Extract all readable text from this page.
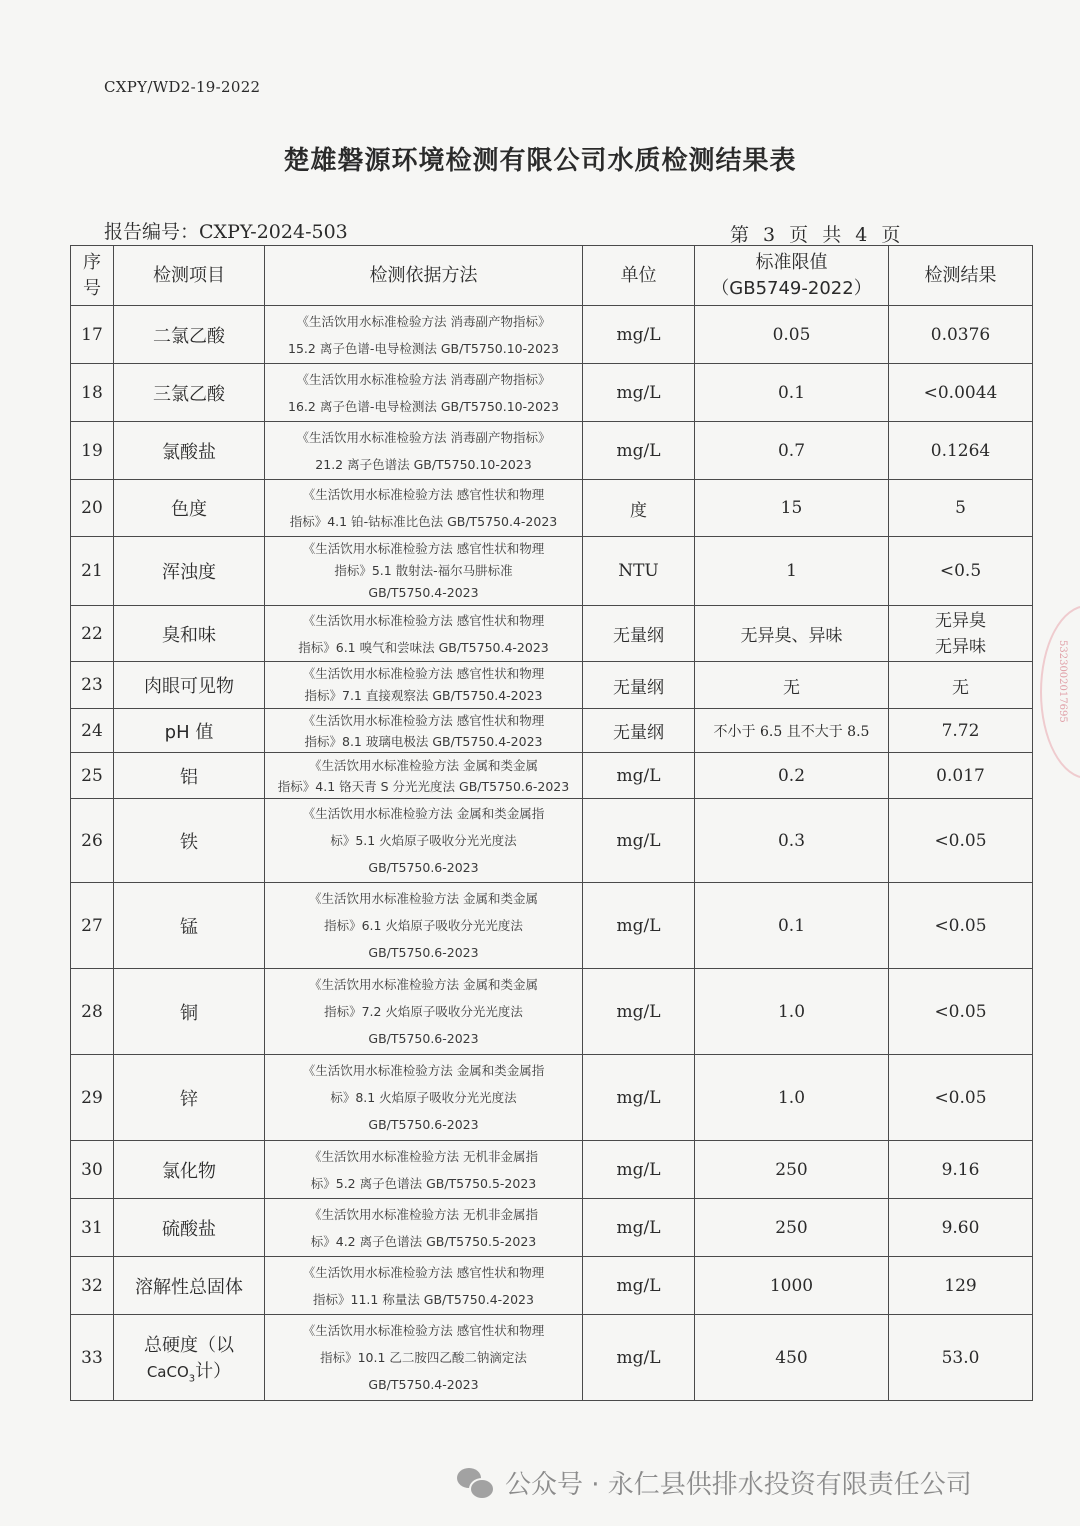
CXPY/WD2-19-2022
楚雄磐源环境检测有限公司水质检测结果表
报告编号：CXPY-2024-503	第 3 页 共 4 页
序
号	检测项目	检测依据方法	单位	标准限值
（GB5749-2022）	检测结果
17	二氯乙酸	《生活饮用水标准检验方法 消毒副产物指标》
15.2 离子色谱-电导检测法 GB/T5750.10-2023	mg/L	0.05	0.0376
18	三氯乙酸	《生活饮用水标准检验方法 消毒副产物指标》
16.2 离子色谱-电导检测法 GB/T5750.10-2023	mg/L	0.1	<0.0044
19	氯酸盐	《生活饮用水标准检验方法 消毒副产物指标》
21.2 离子色谱法 GB/T5750.10-2023	mg/L	0.7	0.1264
20	色度	《生活饮用水标准检验方法 感官性状和物理
指标》4.1 铂-钴标准比色法 GB/T5750.4-2023	度	15	5
21	浑浊度	《生活饮用水标准检验方法 感官性状和物理
指标》5.1 散射法-福尔马肼标准
GB/T5750.4-2023	NTU	1	<0.5
22	臭和味	《生活饮用水标准检验方法 感官性状和物理
指标》6.1 嗅气和尝味法 GB/T5750.4-2023	无量纲	无异臭、异味	无异臭
无异味
23	肉眼可见物	《生活饮用水标准检验方法 感官性状和物理
指标》7.1 直接观察法 GB/T5750.4-2023	无量纲	无	无
24	pH 值	《生活饮用水标准检验方法 感官性状和物理
指标》8.1 玻璃电极法 GB/T5750.4-2023	无量纲	不小于 6.5 且不大于 8.5	7.72
25	铝	《生活饮用水标准检验方法 金属和类金属
指标》4.1 铬天青 S 分光光度法 GB/T5750.6-2023	mg/L	0.2	0.017
26	铁	《生活饮用水标准检验方法 金属和类金属指
标》5.1 火焰原子吸收分光光度法
GB/T5750.6-2023	mg/L	0.3	<0.05
27	锰	《生活饮用水标准检验方法 金属和类金属
指标》6.1 火焰原子吸收分光光度法
GB/T5750.6-2023	mg/L	0.1	<0.05
28	铜	《生活饮用水标准检验方法 金属和类金属
指标》7.2 火焰原子吸收分光光度法
GB/T5750.6-2023	mg/L	1.0	<0.05
29	锌	《生活饮用水标准检验方法 金属和类金属指
标》8.1 火焰原子吸收分光光度法
GB/T5750.6-2023	mg/L	1.0	<0.05
30	氯化物	《生活饮用水标准检验方法 无机非金属指
标》5.2 离子色谱法 GB/T5750.5-2023	mg/L	250	9.16
31	硫酸盐	《生活饮用水标准检验方法 无机非金属指
标》4.2 离子色谱法 GB/T5750.5-2023	mg/L	250	9.60
32	溶解性总固体	《生活饮用水标准检验方法 感官性状和物理
指标》11.1 称量法 GB/T5750.4-2023	mg/L	1000	129
33	总硬度（以
CaCO$_3$计）	《生活饮用水标准检验方法 感官性状和物理
指标》10.1 乙二胺四乙酸二钠滴定法
GB/T5750.4-2023	mg/L	450	53.0
5323002017695
公众号 · 永仁县供排水投资有限责任公司
